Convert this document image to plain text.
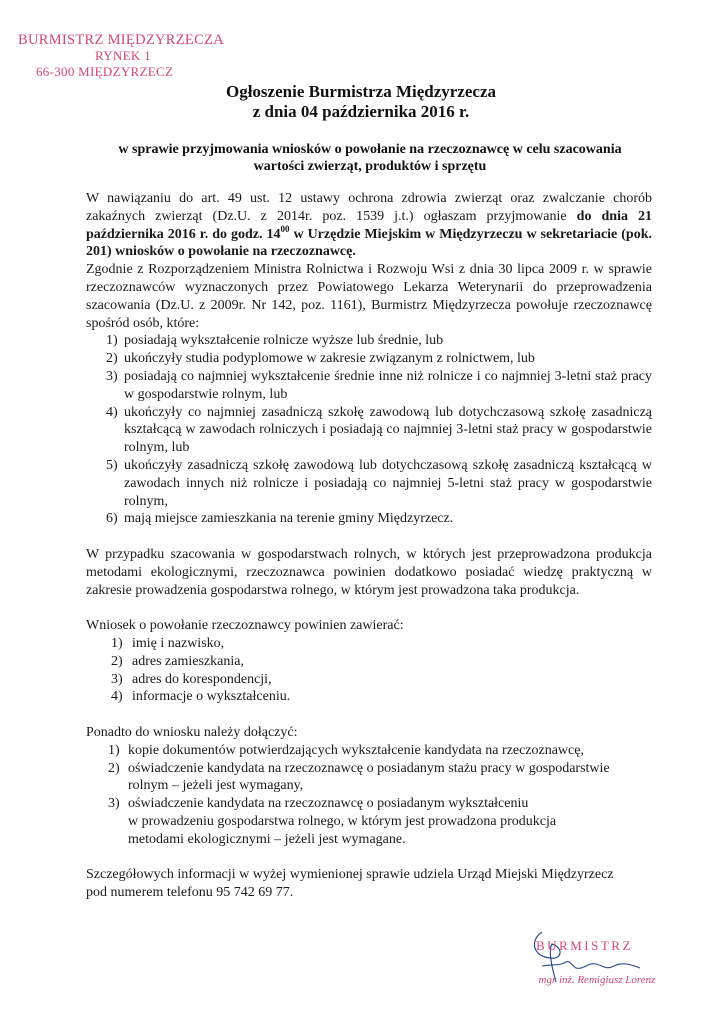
BURMISTRZ MIĘDZYRZECZA
RYNEK 1
66-300 MIĘDZYRZECZ
Ogłoszenie Burmistrza Międzyrzecza
z dnia 04 października 2016 r.
w sprawie przyjmowania wniosków o powołanie na rzeczoznawcę w celu szacowania
wartości zwierząt, produktów i sprzętu

W nawiązaniu do art. 49 ust. 12 ustawy ochrona zdrowia zwierząt oraz zwalczanie chorób zakaźnych zwierząt (Dz.U. z 2014r. poz. 1539 j.t.) ogłaszam przyjmowanie do dnia 21 października 2016 r. do godz. $14^{00}$ w Urzędzie Miejskim w Międzyrzeczu w sekretariacie (pok. 201) wniosków o powołanie na rzeczoznawcę.

Zgodnie z Rozporządzeniem Ministra Rolnictwa i Rozwoju Wsi z dnia 30 lipca 2009 r. w sprawie rzeczoznawców wyznaczonych przez Powiatowego Lekarza Weterynarii do przeprowadzenia szacowania (Dz.U. z 2009r. Nr 142, poz. 1161), Burmistrz Międzyrzecza powołuje rzeczoznawcę spośród osób, które:

1) posiadają wykształcenie rolnicze wyższe lub średnie, lub
2) ukończyły studia podyplomowe w zakresie związanym z rolnictwem, lub
3) posiadają co najmniej wykształcenie średnie inne niż rolnicze i co najmniej 3-letni staż pracy w gospodarstwie rolnym, lub
4) ukończyły co najmniej zasadniczą szkołę zawodową lub dotychczasową szkołę zasadniczą kształcącą w zawodach rolniczych i posiadają co najmniej 3-letni staż pracy w gospodarstwie rolnym, lub
5) ukończyły zasadniczą szkołę zawodową lub dotychczasową szkołę zasadniczą kształcącą w zawodach innych niż rolnicze i posiadają co najmniej 5-letni staż pracy w gospodarstwie rolnym,
6) mają miejsce zamieszkania na terenie gminy Międzyrzecz.

W przypadku szacowania w gospodarstwach rolnych, w których jest przeprowadzona produkcja metodami ekologicznymi, rzeczoznawca powinien dodatkowo posiadać wiedzę praktyczną w zakresie prowadzenia gospodarstwa rolnego, w którym jest prowadzona taka produkcja.

Wniosek o powołanie rzeczoznawcy powinien zawierać:

1) imię i nazwisko,
2) adres zamieszkania,
3) adres do korespondencji,
4) informacje o wykształceniu.

Ponadto do wniosku należy dołączyć:

1) kopie dokumentów potwierdzających wykształcenie kandydata na rzeczoznawcę,
2) oświadczenie kandydata na rzeczoznawcę o posiadanym stażu pracy w gospodarstwie
rolnym – jeżeli jest wymagany,
3) oświadczenie kandydata na rzeczoznawcę o posiadanym wykształceniu
w prowadzeniu gospodarstwa rolnego, w którym jest prowadzona produkcja
metodami ekologicznymi – jeżeli jest wymagane.

Szczegółowych informacji w wyżej wymienionej sprawie udziela Urząd Miejski Międzyrzecz
pod numerem telefonu 95 742 69 77.

BURMISTRZ
mgr inż. Remigiusz Lorenz
